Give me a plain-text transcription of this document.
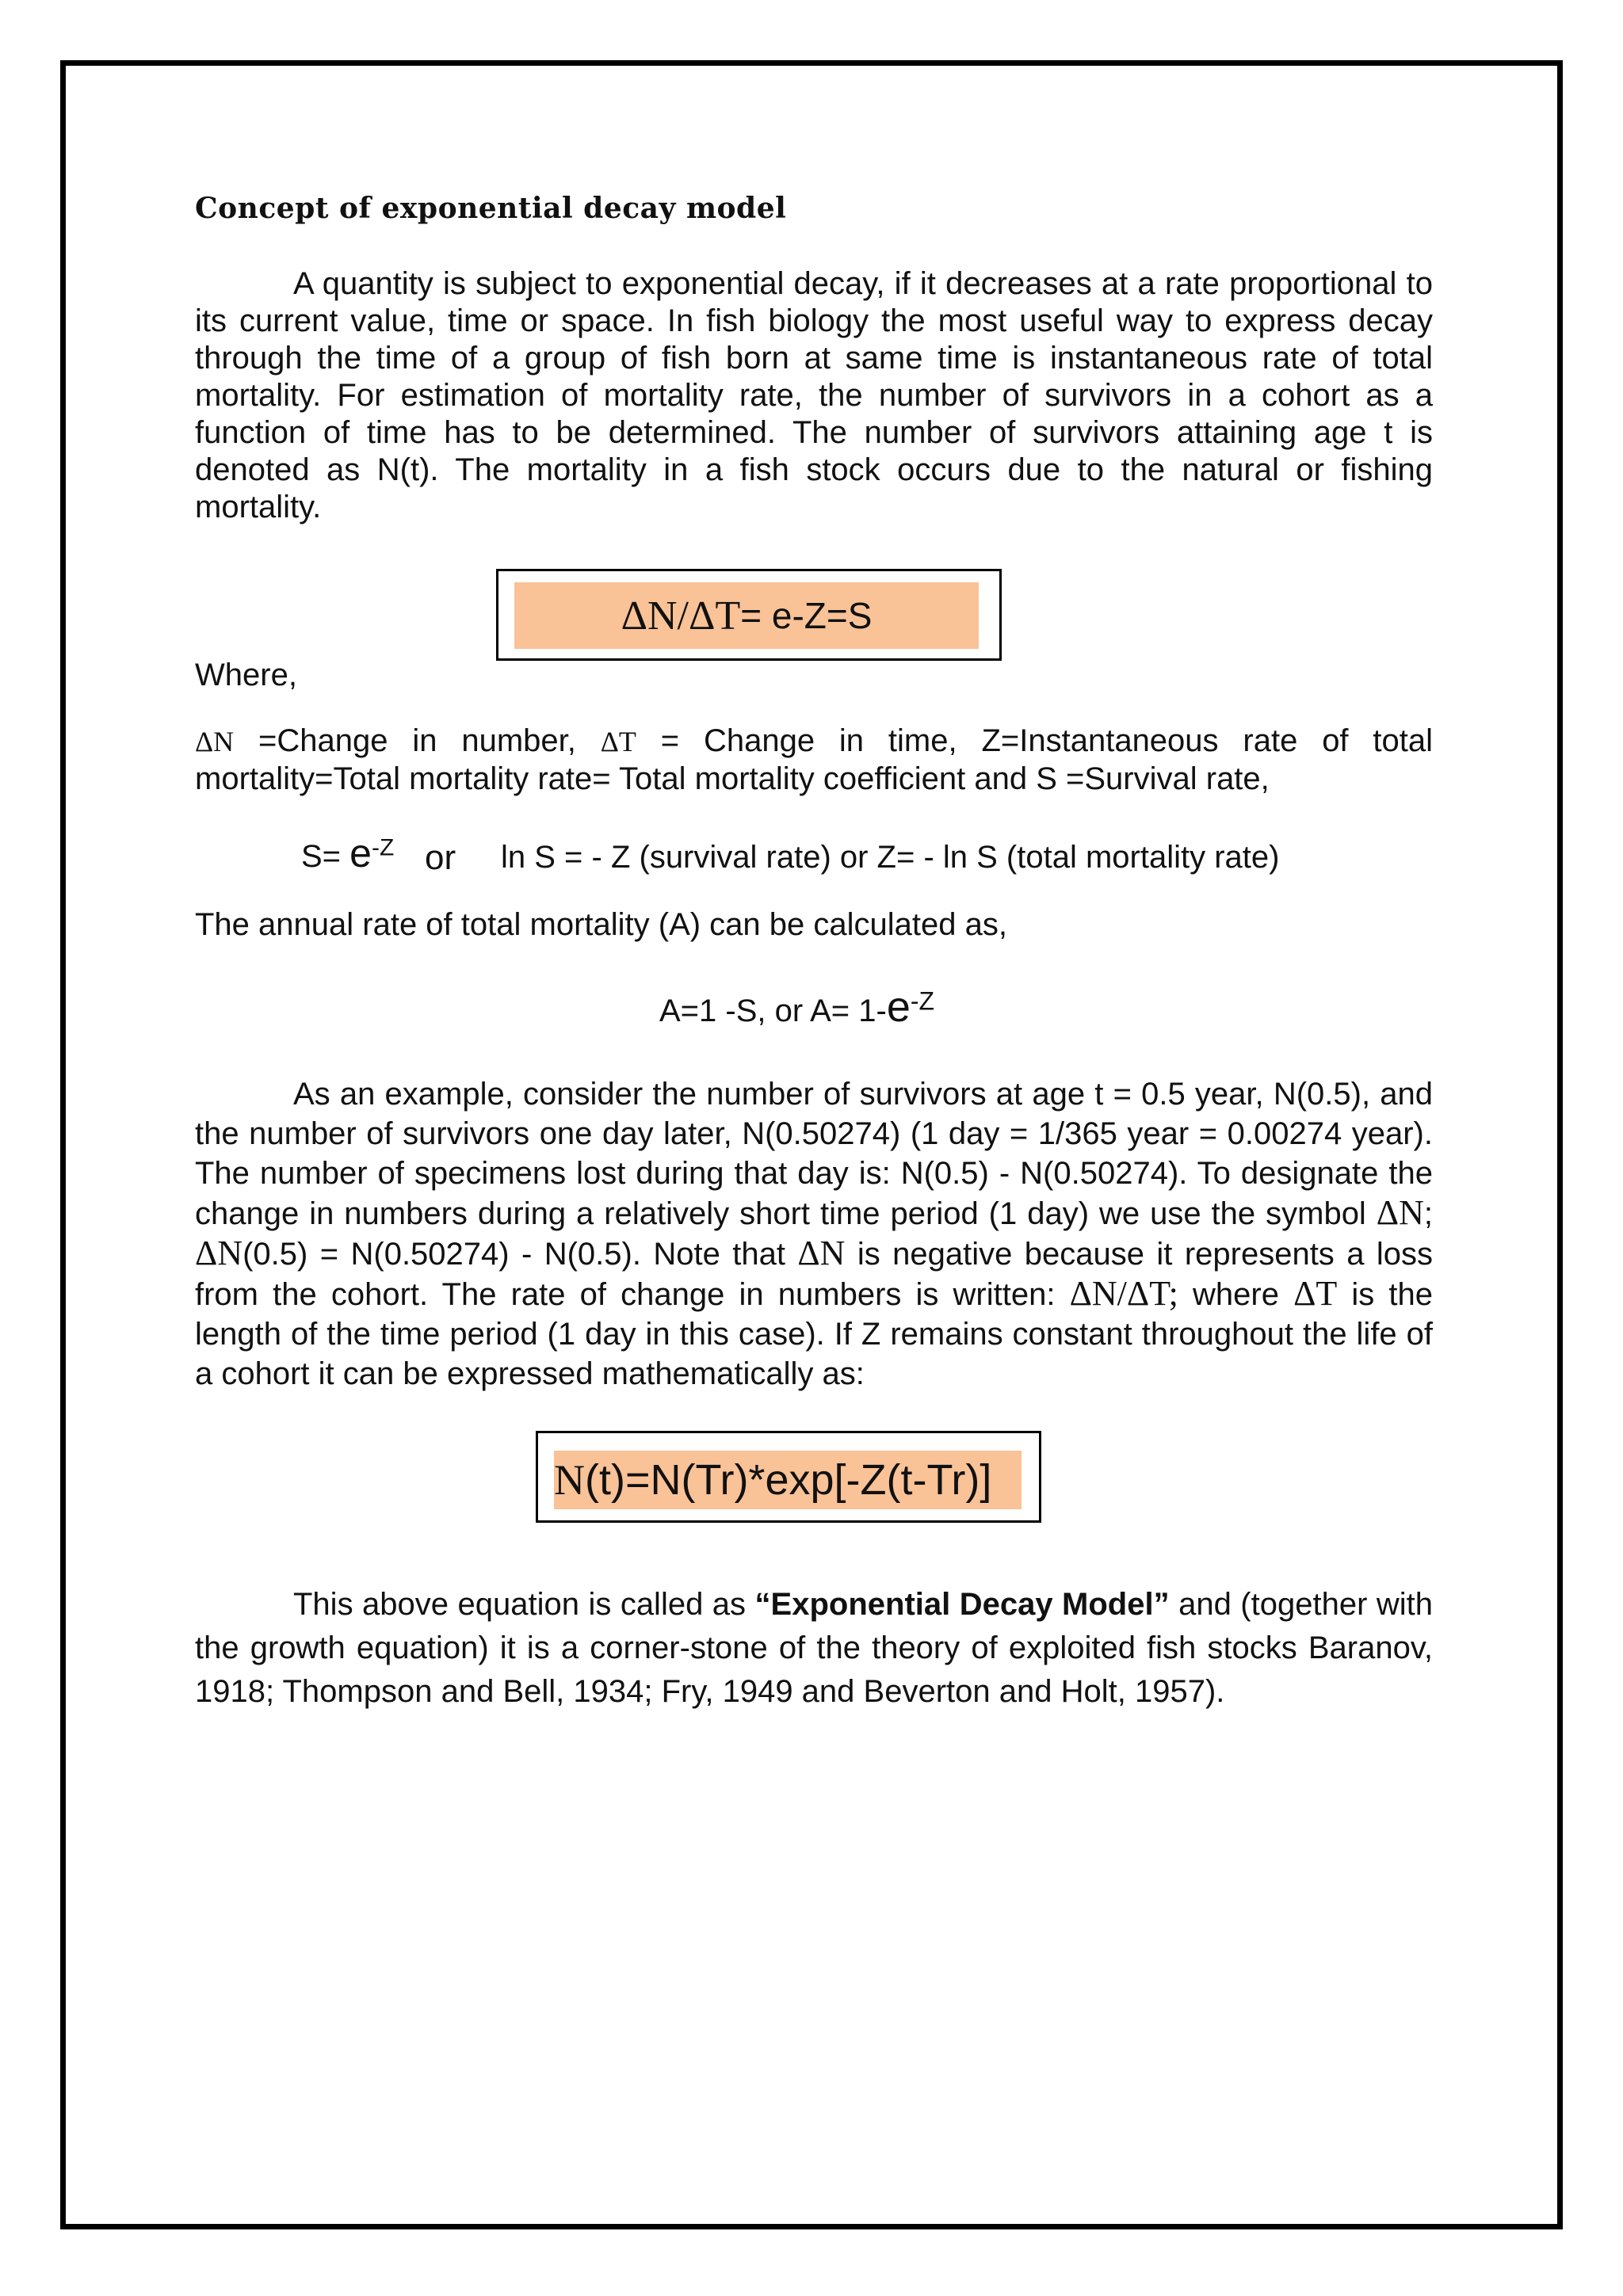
Concept of exponential decay model

A quantity is subject to exponential decay, if it decreases at a rate proportional to its current value, time or space. In fish biology the most useful way to express decay through the time of a group of fish born at same time is instantaneous rate of total mortality. For estimation of mortality rate, the number of survivors in a cohort as a function of time has to be determined. The number of survivors attaining age t is denoted as N(t). The mortality in a fish stock occurs due to the natural or fishing mortality.

ΔN/ΔT = e -Z =S
Where,

ΔN =Change in number, ΔT = Change in time, Z=Instantaneous rate of total mortality=Total mortality rate= Total mortality coefficient and S =Survival rate,

$S= e^{-Z}$ or ln S = - Z (survival rate) or Z= - ln S (total mortality rate)
The annual rate of total mortality (A) can be calculated as,
A=1 -S, or $A= 1-e^{-Z}$

As an example, consider the number of survivors at age t = 0.5 year, N(0.5), and the number of survivors one day later, N(0.50274) (1 day = 1/365 year = 0.00274 year). The number of specimens lost during that day is: N(0.5) - N(0.50274). To designate the change in numbers during a relatively short time period (1 day) we use the symbol ΔN; ΔN(0.5) = N(0.50274) - N(0.5). Note that ΔN is negative because it represents a loss from the cohort. The rate of change in numbers is written: ΔN/ΔT; where ΔT is the length of the time period (1 day in this case). If Z remains constant throughout the life of a cohort it can be expressed mathematically as:

N (t)=N(Tr)*exp[-Z(t-Tr)]

This above equation is called as “Exponential Decay Model” and (together with the growth equation) it is a corner-stone of the theory of exploited fish stocks Baranov, 1918; Thompson and Bell, 1934; Fry, 1949 and Beverton and Holt, 1957).
